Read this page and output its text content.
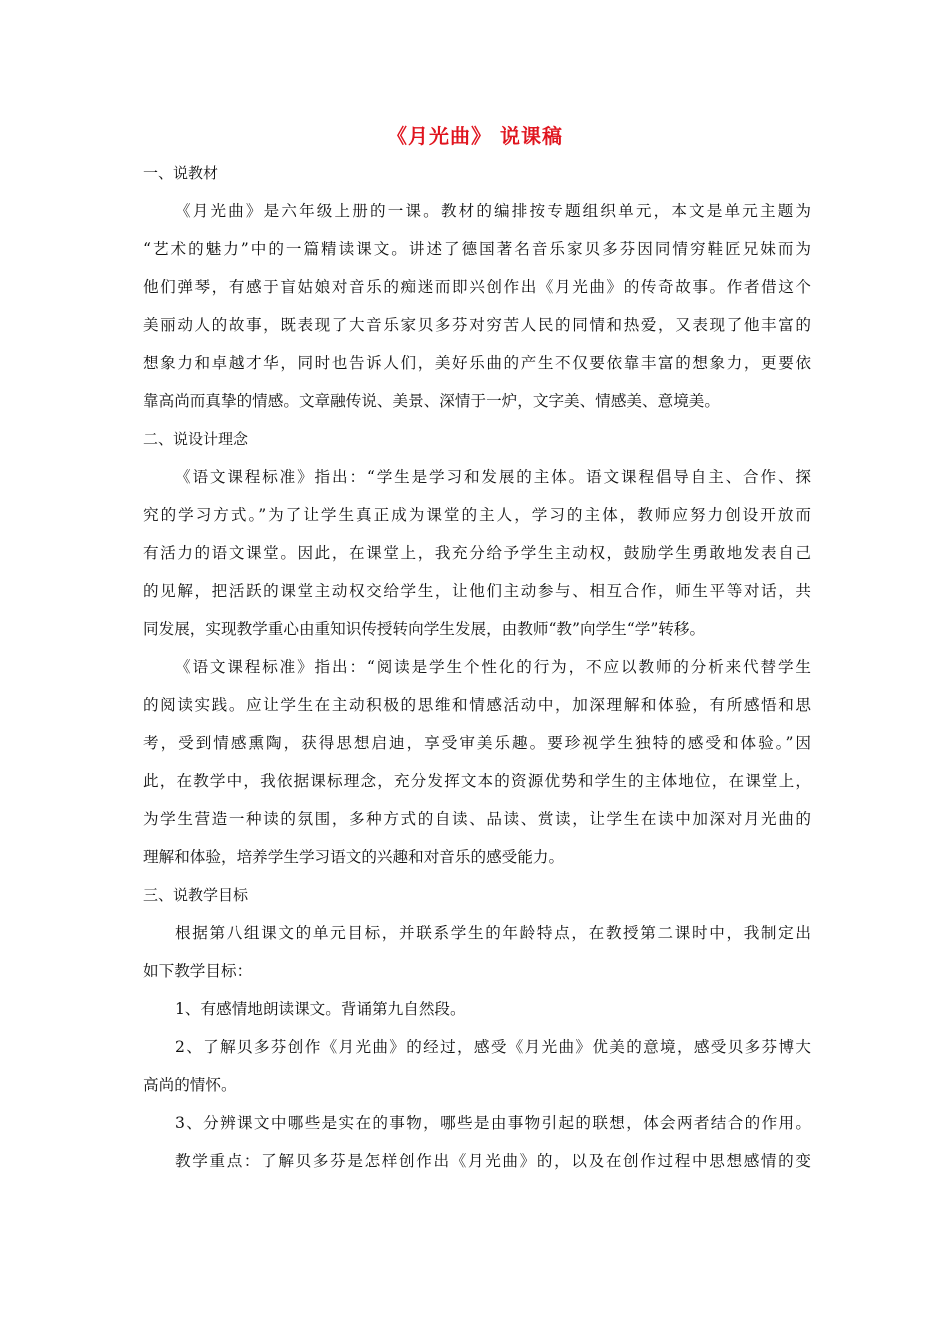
《月光曲》 说课稿
一、说教材
《月光曲》是六年级上册的一课。教材的编排按专题组织单元，本文是单元主题为
“艺术的魅力”中的一篇精读课文。讲述了德国著名音乐家贝多芬因同情穷鞋匠兄妹而为
他们弹琴，有感于盲姑娘对音乐的痴迷而即兴创作出《月光曲》的传奇故事。作者借这个
美丽动人的故事，既表现了大音乐家贝多芬对穷苦人民的同情和热爱，又表现了他丰富的
想象力和卓越才华，同时也告诉人们，美好乐曲的产生不仅要依靠丰富的想象力，更要依
靠高尚而真挚的情感。文章融传说、美景、深情于一炉，文字美、情感美、意境美。
二、说设计理念
《语文课程标准》指出：“学生是学习和发展的主体。语文课程倡导自主、合作、探
究的学习方式。”为了让学生真正成为课堂的主人，学习的主体，教师应努力创设开放而
有活力的语文课堂。因此，在课堂上，我充分给予学生主动权，鼓励学生勇敢地发表自己
的见解，把活跃的课堂主动权交给学生，让他们主动参与、相互合作，师生平等对话，共
同发展，实现教学重心由重知识传授转向学生发展，由教师“教”向学生“学”转移。
《语文课程标准》指出：“阅读是学生个性化的行为，不应以教师的分析来代替学生
的阅读实践。应让学生在主动积极的思维和情感活动中，加深理解和体验，有所感悟和思
考，受到情感熏陶，获得思想启迪，享受审美乐趣。要珍视学生独特的感受和体验。”因
此，在教学中，我依据课标理念，充分发挥文本的资源优势和学生的主体地位，在课堂上，
为学生营造一种读的氛围，多种方式的自读、品读、赏读，让学生在读中加深对月光曲的
理解和体验，培养学生学习语文的兴趣和对音乐的感受能力。
三、说教学目标
根据第八组课文的单元目标，并联系学生的年龄特点，在教授第二课时中，我制定出
如下教学目标：
1、有感情地朗读课文。背诵第九自然段。
2、了解贝多芬创作《月光曲》的经过，感受《月光曲》优美的意境，感受贝多芬博大
高尚的情怀。
3、分辨课文中哪些是实在的事物，哪些是由事物引起的联想，体会两者结合的作用。
教学重点：了解贝多芬是怎样创作出《月光曲》的，以及在创作过程中思想感情的变
